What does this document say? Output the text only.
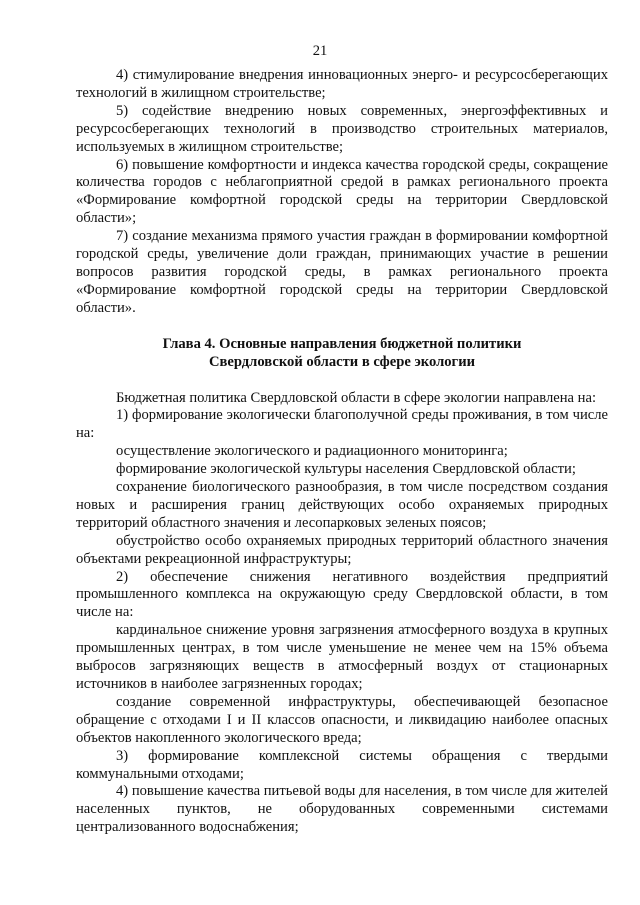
21

4) стимулирование внедрения инновационных энерго- и ресурсосберегающих технологий в жилищном строительстве;

5) содействие внедрению новых современных, энергоэффективных и ресурсосберегающих технологий в производство строительных материалов, используемых в жилищном строительстве;

6) повышение комфортности и индекса качества городской среды, сокращение количества городов с неблагоприятной средой в рамках регионального проекта «Формирование комфортной городской среды на территории Свердловской области»;

7) создание механизма прямого участия граждан в формировании комфортной городской среды, увеличение доли граждан, принимающих участие в решении вопросов развития городской среды, в рамках регионального проекта «Формирование комфортной городской среды на территории Свердловской области».

Глава 4. Основные направления бюджетной политики

Свердловской области в сфере экологии

Бюджетная политика Свердловской области в сфере экологии направлена на:

1) формирование экологически благополучной среды проживания, в том числе на:

осуществление экологического и радиационного мониторинга;

формирование экологической культуры населения Свердловской области;

сохранение биологического разнообразия, в том числе посредством создания новых и расширения границ действующих особо охраняемых природных территорий областного значения и лесопарковых зеленых поясов;

обустройство особо охраняемых природных территорий областного значения объектами рекреационной инфраструктуры;

2) обеспечение снижения негативного воздействия предприятий промышленного комплекса на окружающую среду Свердловской области, в том числе на:

кардинальное снижение уровня загрязнения атмосферного воздуха в крупных промышленных центрах, в том числе уменьшение не менее чем на 15% объема выбросов загрязняющих веществ в атмосферный воздух от стационарных источников в наиболее загрязненных городах;

создание современной инфраструктуры, обеспечивающей безопасное обращение с отходами I и II классов опасности, и ликвидацию наиболее опасных объектов накопленного экологического вреда;

3) формирование комплексной системы обращения с твердыми коммунальными отходами;

4) повышение качества питьевой воды для населения, в том числе для жителей населенных пунктов, не оборудованных современными системами централизованного водоснабжения;
